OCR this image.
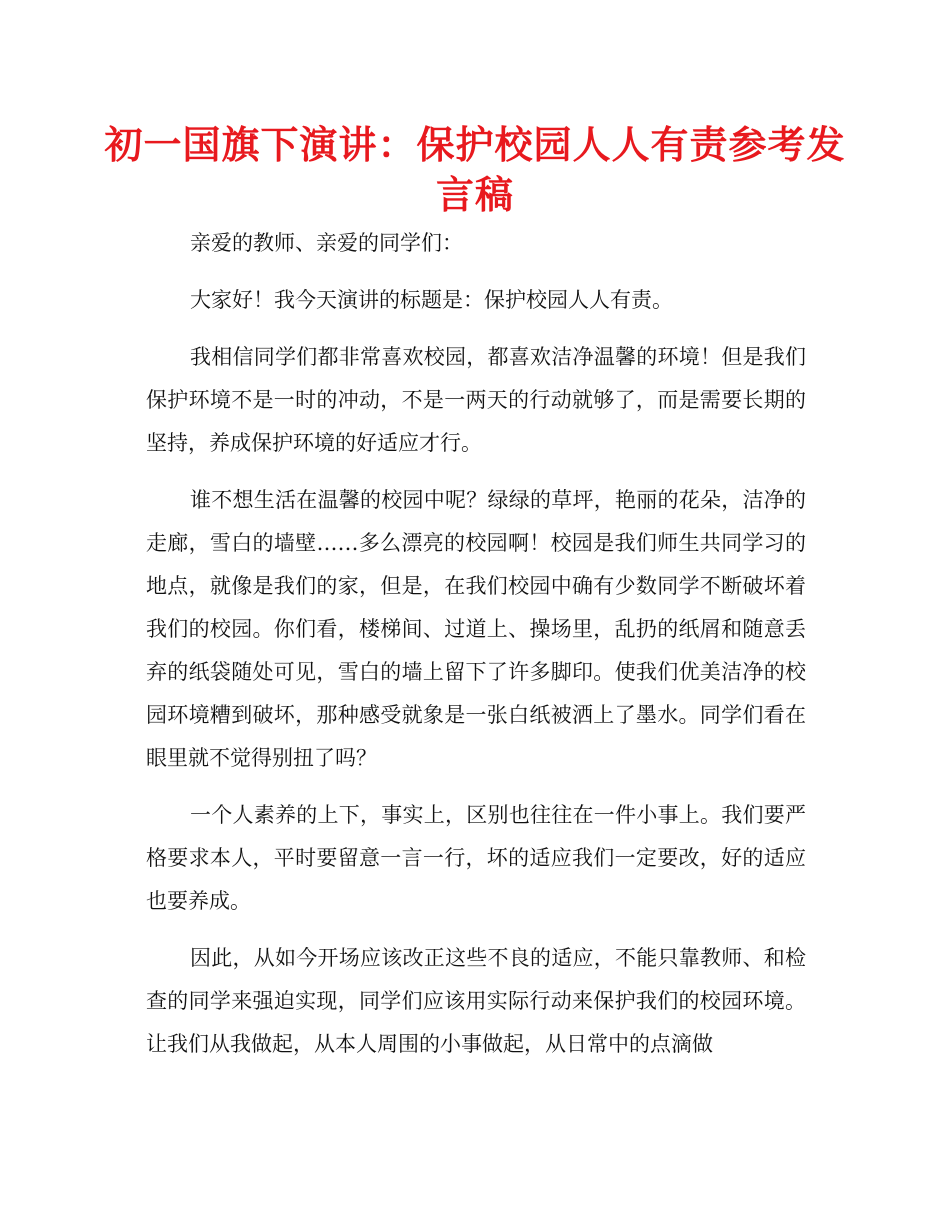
初一国旗下演讲：保护校园人人有责参考发言稿

亲爱的教师、亲爱的同学们：

大家好！我今天演讲的标题是：保护校园人人有责。

我相信同学们都非常喜欢校园，都喜欢洁净温馨的环境！但是我们保护环境不是一时的冲动，不是一两天的行动就够了，而是需要长期的坚持，养成保护环境的好适应才行。

谁不想生活在温馨的校园中呢？绿绿的草坪，艳丽的花朵，洁净的走廊，雪白的墙壁……多么漂亮的校园啊！校园是我们师生共同学习的地点，就像是我们的家，但是，在我们校园中确有少数同学不断破坏着我们的校园。你们看，楼梯间、过道上、操场里，乱扔的纸屑和随意丢弃的纸袋随处可见，雪白的墙上留下了许多脚印。使我们优美洁净的校园环境糟到破坏，那种感受就象是一张白纸被洒上了墨水。同学们看在眼里就不觉得别扭了吗？

一个人素养的上下，事实上，区别也往往在一件小事上。我们要严格要求本人，平时要留意一言一行，坏的适应我们一定要改，好的适应也要养成。

因此，从如今开场应该改正这些不良的适应，不能只靠教师、和检查的同学来强迫实现，同学们应该用实际行动来保护我们的校园环境。让我们从我做起，从本人周围的小事做起，从日常中的点滴做
